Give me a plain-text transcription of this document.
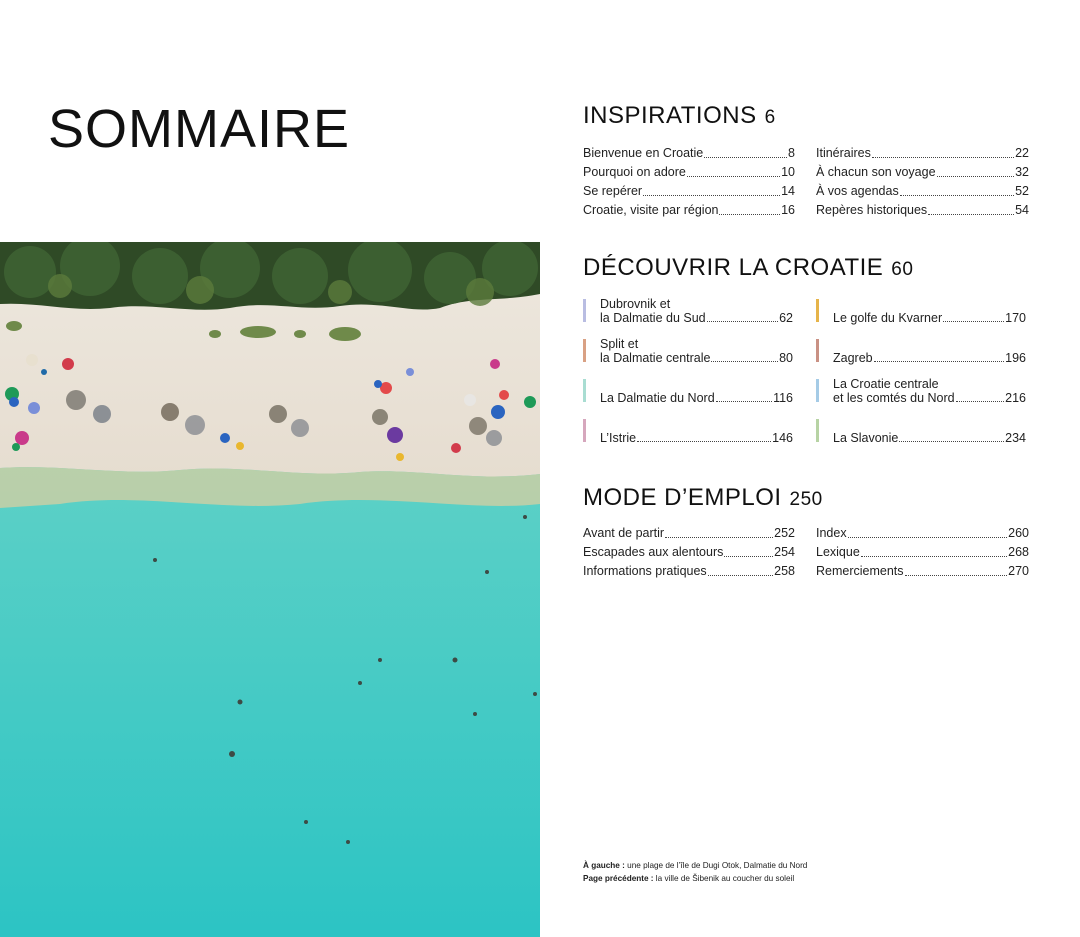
SOMMAIRE	INSPIRATIONS 6
Bienvenue en Croatie	8
Pourquoi on adore	10
Se repérer	14
Croatie, visite par région	16
Itinéraires	22
À chacun son voyage	32
À vos agendas	52
Repères historiques	54
DÉCOUVRIR LA CROATIE 60
Dubrovnik et
la Dalmatie du Sud	62
Split et
la Dalmatie centrale	80
La Dalmatie du Nord	116
L’Istrie	146
Le golfe du Kvarner	170
Zagreb	196
La Croatie centrale
et les comtés du Nord	216
La Slavonie	234
MODE D’EMPLOI 250
Avant de partir	252
Escapades aux alentours	254
Informations pratiques	258
Index	260
Lexique	268
Remerciements	270
À gauche : une plage de l’île de Dugi Otok, Dalmatie du Nord
Page précédente : la ville de Šibenik au coucher du soleil
